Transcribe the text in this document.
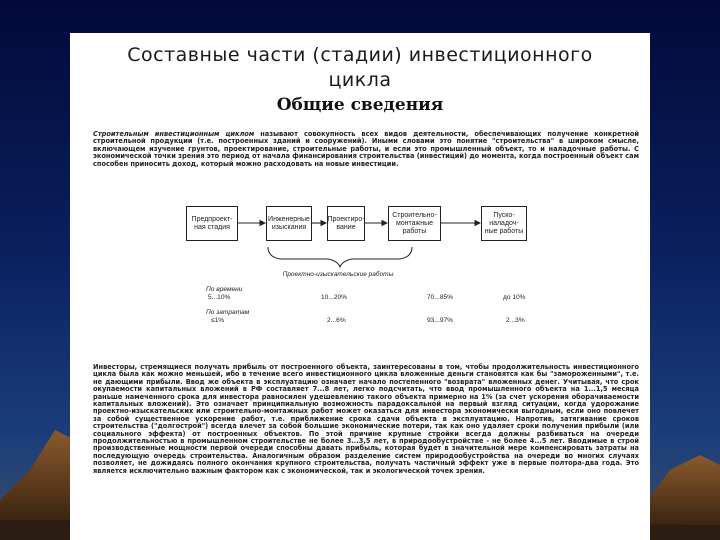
Составные части (стадии) инвестиционного
цикла
Общие сведения
Строительным инвестиционным циклом называют совокупность всех видов деятельности, обеспечивающих получение конкретной строительной продукции (т.е. построенных зданий и сооружений). Иными словами это понятие "строительства" в широком смысле, включающем изучение грунтов, проектирование, строительные работы, и если это промышленный объект, то и наладочные работы. С экономической точки зрения это период от начала финансирования строительства (инвестиций) до момента, когда построенный объект сам способен приносить доход, который можно расходовать на новые инвестиции.
Предпроект-ная стадия
Инженерные изыскания
Проектиро-вание
Строительно-монтажные работы
Пуско-наладоч-ные работы
Проектно-изыскательские работы
По времени
5...10%	10...20%	70...85%	до 10%
По затратам
≤1%	2...6%	93...97%	2...3%
Инвесторы, стремящиеся получать прибыль от построенного объекта, заинтересованы в том, чтобы продолжительность инвестиционного цикла была как можно меньшей, ибо в течение всего инвестиционного цикла вложенные деньги становятся как бы "замороженными", т.е. не дающими прибыли. Ввод же объекта в эксплуатацию означает начало постепенного "возврата" вложенных денег. Учитывая, что срок окупаемости капитальных вложений в РФ составляет 7...8 лет, легко подсчитать, что ввод промышленного объекта на 1...1,5 месяца раньше намеченного срока для инвестора равносилен удешевлению такого объекта примерно на 1% (за счет ускорения оборачиваемости капитальных вложений). Это означает принципиальную возможность парадоксальной на первый взгляд ситуации, когда удорожание проектно-изыскательских или строительно-монтажных работ может оказаться для инвестора экономически выгодным, если оно повлечет за собой существенное ускорение работ, т.е. приближение срока сдачи объекта в эксплуатацию. Напротив, затягивание сроков строительства ("долгострой") всегда влечет за собой большие экономические потери, так как оно удаляет сроки получения прибыли (или социального эффекта) от построенных объектов. По этой причине крупные стройки всегда должны разбиваться на очереди продолжительностью в промышленном строительстве не более 3...3,5 лет, в природообустройстве - не более 4...5 лет. Вводимые в строй производственные мощности первой очереди способны давать прибыль, которая будет в значительной мере компенсировать затраты на последующую очередь строительства. Аналогичным образом разделение систем природообустройства на очереди во многих случаях позволяет, не дожидаясь полного окончания крупного строительства, получать частичный эффект уже в первые полтора-два года. Это является исключительно важным фактором как с экономической, так и экологической точек зрения.
